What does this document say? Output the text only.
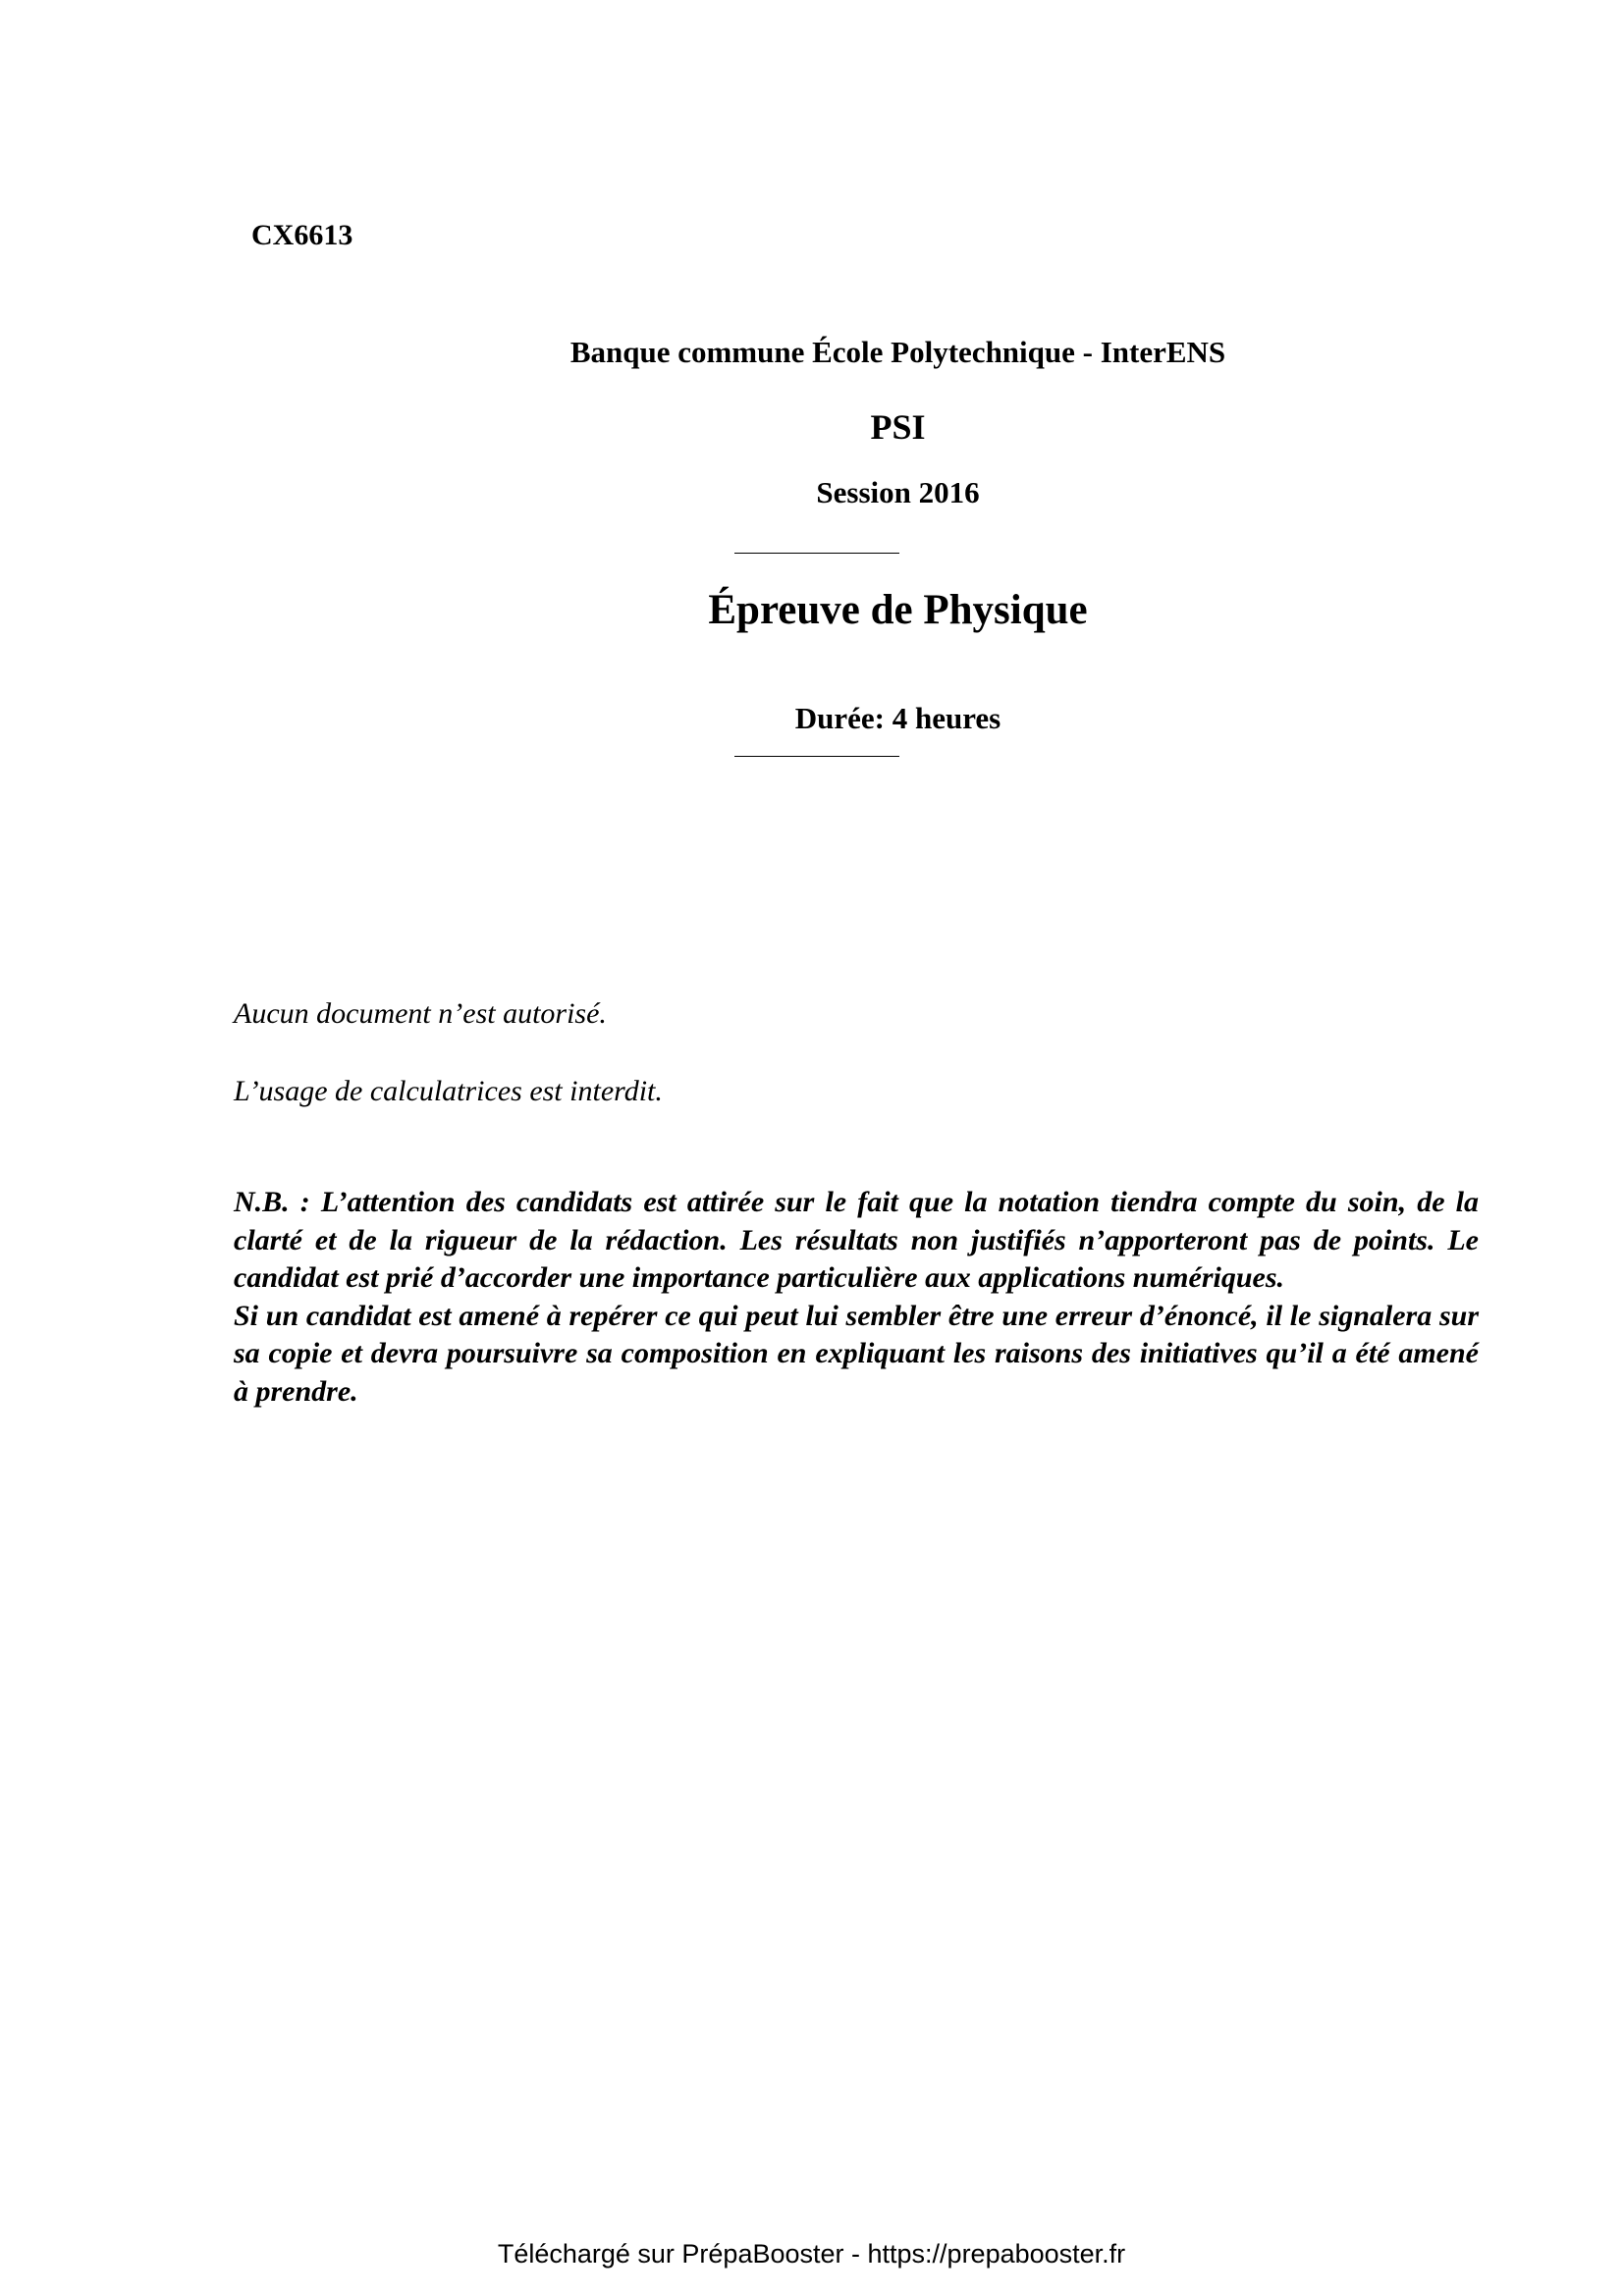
CX6613
Banque commune École Polytechnique - InterENS
PSI
Session 2016
Épreuve de Physique
Durée: 4 heures
Aucun document n’est autorisé.
L’usage de calculatrices est interdit.

N.B. : L’attention des candidats est attirée sur le fait que la notation tiendra compte du soin, de la clarté et de la rigueur de la rédaction. Les résultats non justifiés n’apporteront pas de points. Le candidat est prié d’accorder une importance particulière aux applications numériques.

Si un candidat est amené à repérer ce qui peut lui sembler être une erreur d’énoncé, il le signalera sur sa copie et devra poursuivre sa composition en expliquant les raisons des initiatives qu’il a été amené à prendre.

Téléchargé sur PrépaBooster - https://prepabooster.fr
